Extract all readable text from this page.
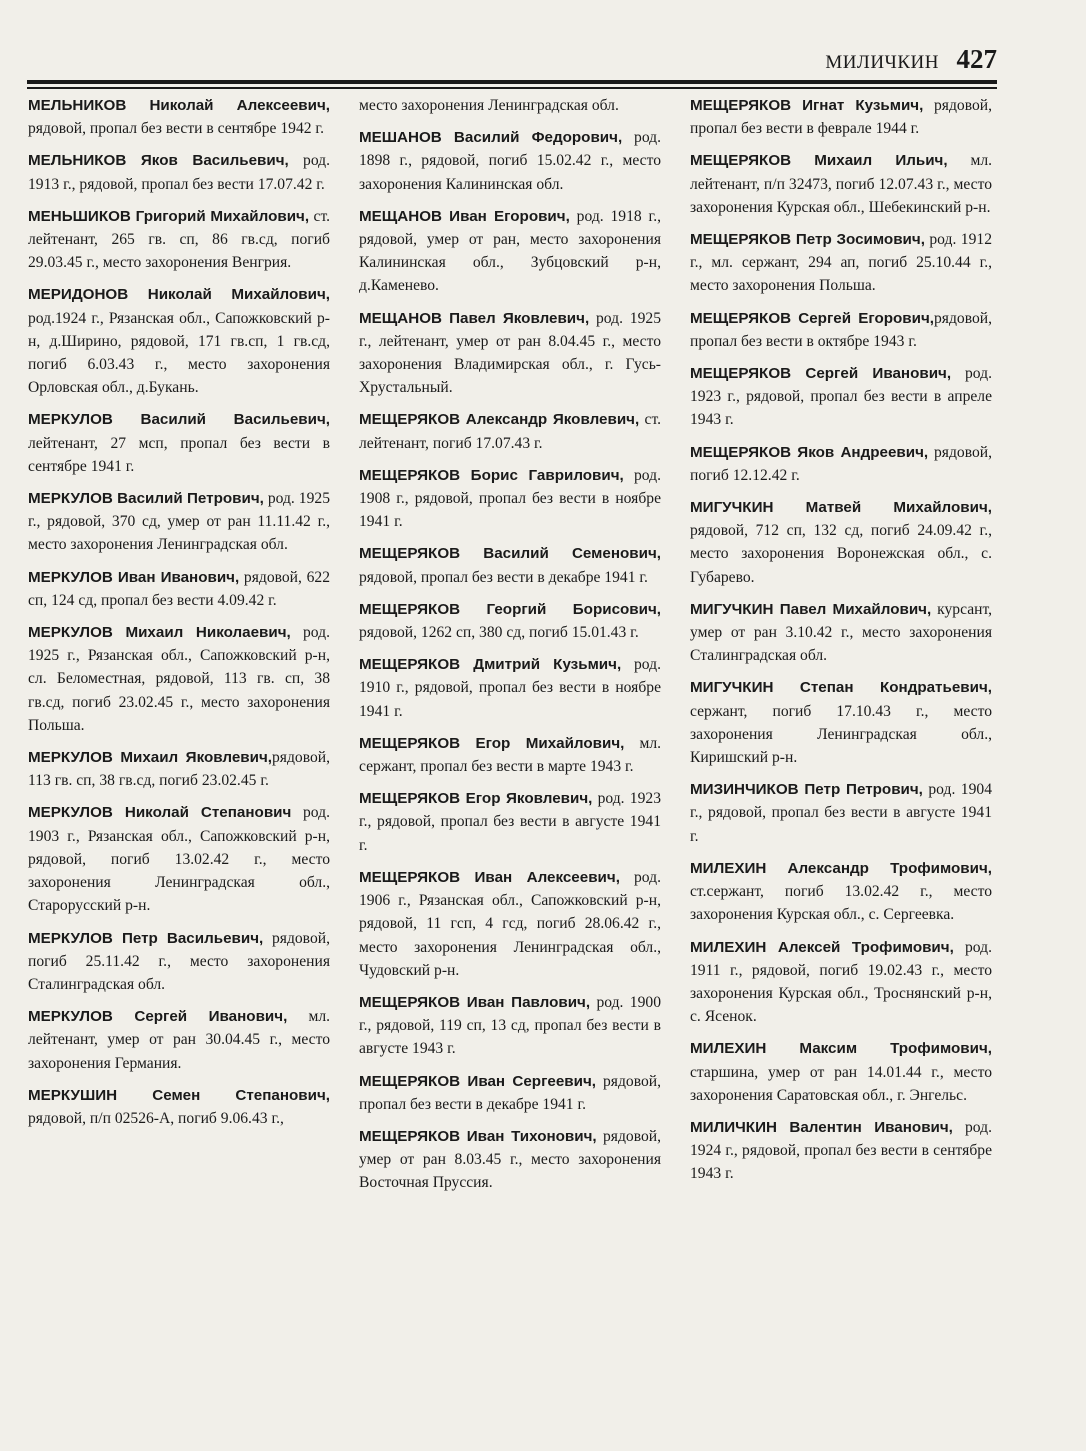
МИЛИЧКИН 427

МЕЛЬНИКОВ Николай Алексеевич, рядовой, пропал без вести в сентябре 1942 г.

МЕЛЬНИКОВ Яков Васильевич, род. 1913 г., рядовой, пропал без вести 17.07.42 г.

МЕНЬШИКОВ Григорий Михайлович, ст. лейтенант, 265 гв. сп, 86 гв.сд, погиб 29.03.45 г., место захоронения Венгрия.

МЕРИДОНОВ Николай Михайлович, род.1924 г., Рязанская обл., Сапожковский р-н, д.Ширино, рядовой, 171 гв.сп, 1 гв.сд, погиб 6.03.43 г., место захоронения Орловская обл., д.Букань.

МЕРКУЛОВ Василий Васильевич, лейтенант, 27 мсп, пропал без вести в сентябре 1941 г.

МЕРКУЛОВ Василий Петрович, род. 1925 г., рядовой, 370 сд, умер от ран 11.11.42 г., место захоронения Ленинградская обл.

МЕРКУЛОВ Иван Иванович, рядовой, 622 сп, 124 сд, пропал без вести 4.09.42 г.

МЕРКУЛОВ Михаил Николаевич, род. 1925 г., Рязанская обл., Сапожковский р-н, сл. Беломестная, рядовой, 113 гв. сп, 38 гв.сд, погиб 23.02.45 г., место захоронения Польша.

МЕРКУЛОВ Михаил Яковлевич,рядовой, 113 гв. сп, 38 гв.сд, погиб 23.02.45 г.

МЕРКУЛОВ Николай Степанович род. 1903 г., Рязанская обл., Сапожковский р-н, рядовой, погиб 13.02.42 г., место захоронения Ленинградская обл., Старорусский р-н.

МЕРКУЛОВ Петр Васильевич, рядовой, погиб 25.11.42 г., место захоронения Сталинградская обл.

МЕРКУЛОВ Сергей Иванович, мл. лейтенант, умер от ран 30.04.45 г., место захоронения Германия.

МЕРКУШИН Семен Степанович, рядовой, п/п 02526-А, погиб 9.06.43 г.,

место захоронения Ленинградская обл.

МЕШАНОВ Василий Федорович, род. 1898 г., рядовой, погиб 15.02.42 г., место захоронения Калининская обл.

МЕЩАНОВ Иван Егорович, род. 1918 г., рядовой, умер от ран, место захоронения Калининская обл., Зубцовский р-н, д.Каменево.

МЕЩАНОВ Павел Яковлевич, род. 1925 г., лейтенант, умер от ран 8.04.45 г., место захоронения Владимирская обл., г. Гусь-Хрустальный.

МЕЩЕРЯКОВ Александр Яковлевич, ст. лейтенант, погиб 17.07.43 г.

МЕЩЕРЯКОВ Борис Гаврилович, род. 1908 г., рядовой, пропал без вести в ноябре 1941 г.

МЕЩЕРЯКОВ Василий Семенович, рядовой, пропал без вести в декабре 1941 г.

МЕЩЕРЯКОВ Георгий Борисович, рядовой, 1262 сп, 380 сд, погиб 15.01.43 г.

МЕЩЕРЯКОВ Дмитрий Кузьмич, род. 1910 г., рядовой, пропал без вести в ноябре 1941 г.

МЕЩЕРЯКОВ Егор Михайлович, мл. сержант, пропал без вести в марте 1943 г.

МЕЩЕРЯКОВ Егор Яковлевич, род. 1923 г., рядовой, пропал без вести в августе 1941 г.

МЕЩЕРЯКОВ Иван Алексеевич, род. 1906 г., Рязанская обл., Сапожковский р-н, рядовой, 11 гсп, 4 гсд, погиб 28.06.42 г., место захоронения Ленинградская обл., Чудовский р-н.

МЕЩЕРЯКОВ Иван Павлович, род. 1900 г., рядовой, 119 сп, 13 сд, пропал без вести в августе 1943 г.

МЕЩЕРЯКОВ Иван Сергеевич, рядовой, пропал без вести в декабре 1941 г.

МЕЩЕРЯКОВ Иван Тихонович, рядовой, умер от ран 8.03.45 г., место захоронения Восточная Пруссия.

МЕЩЕРЯКОВ Игнат Кузьмич, рядовой, пропал без вести в феврале 1944 г.

МЕЩЕРЯКОВ Михаил Ильич, мл. лейтенант, п/п 32473, погиб 12.07.43 г., место захоронения Курская обл., Шебекинский р-н.

МЕЩЕРЯКОВ Петр Зосимович, род. 1912 г., мл. сержант, 294 ап, погиб 25.10.44 г., место захоронения Польша.

МЕЩЕРЯКОВ Сергей Егорович,рядовой, пропал без вести в октябре 1943 г.

МЕЩЕРЯКОВ Сергей Иванович, род. 1923 г., рядовой, пропал без вести в апреле 1943 г.

МЕЩЕРЯКОВ Яков Андреевич, рядовой, погиб 12.12.42 г.

МИГУЧКИН Матвей Михайлович, рядовой, 712 сп, 132 сд, погиб 24.09.42 г., место захоронения Воронежская обл., с. Губарево.

МИГУЧКИН Павел Михайлович, курсант, умер от ран 3.10.42 г., место захоронения Сталинградская обл.

МИГУЧКИН Степан Кондратьевич, сержант, погиб 17.10.43 г., место захоронения Ленинградская обл., Киришский р-н.

МИЗИНЧИКОВ Петр Петрович, род. 1904 г., рядовой, пропал без вести в августе 1941 г.

МИЛЕХИН Александр Трофимович, ст.сержант, погиб 13.02.42 г., место захоронения Курская обл., с. Сергеевка.

МИЛЕХИН Алексей Трофимович, род. 1911 г., рядовой, погиб 19.02.43 г., место захоронения Курская обл., Троснянский р-н, с. Ясенок.

МИЛЕХИН Максим Трофимович, старшина, умер от ран 14.01.44 г., место захоронения Саратовская обл., г. Энгельс.

МИЛИЧКИН Валентин Иванович, род. 1924 г., рядовой, пропал без вести в сентябре 1943 г.
